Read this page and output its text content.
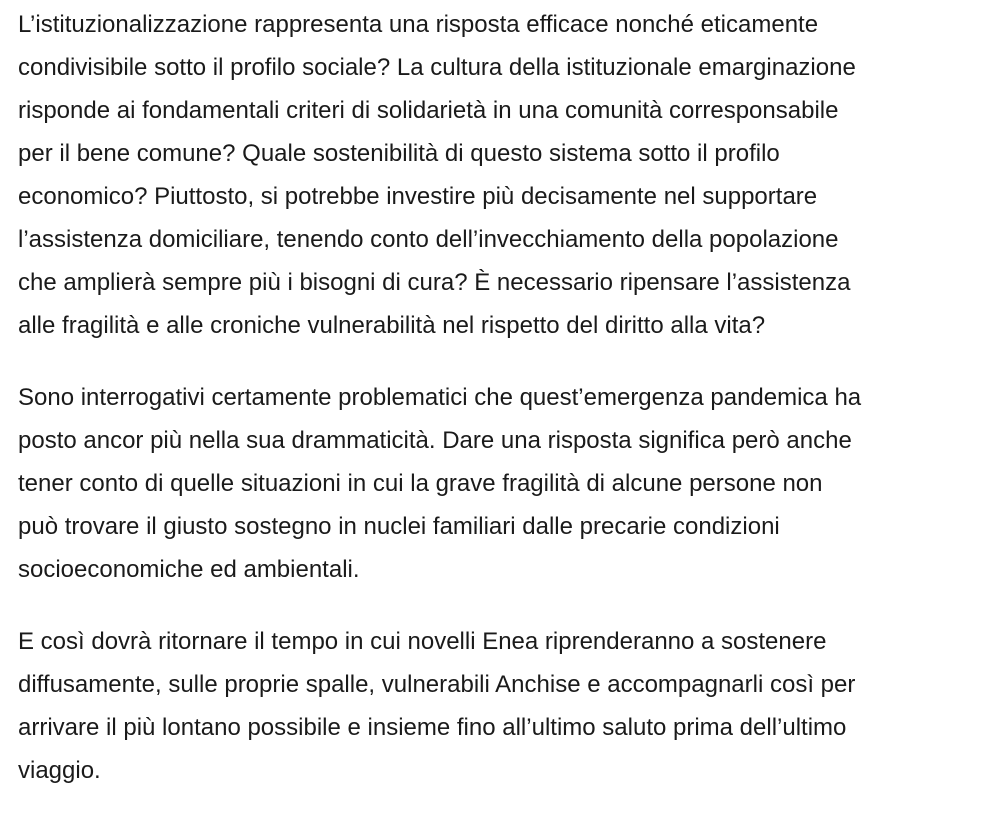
L’istituzionalizzazione rappresenta una risposta efficace nonché eticamente
condivisibile sotto il profilo sociale? La cultura della istituzionale emarginazione
risponde ai fondamentali criteri di solidarietà in una comunità corresponsabile
per il bene comune? Quale sostenibilità di questo sistema sotto il profilo
economico? Piuttosto, si potrebbe investire più decisamente nel supportare
l’assistenza domiciliare, tenendo conto dell’invecchiamento della popolazione
che amplierà sempre più i bisogni di cura? È necessario ripensare l’assistenza
alle fragilità e alle croniche vulnerabilità nel rispetto del diritto alla vita?

Sono interrogativi certamente problematici che quest’emergenza pandemica ha
posto ancor più nella sua drammaticità. Dare una risposta significa però anche
tener conto di quelle situazioni in cui la grave fragilità di alcune persone non
può trovare il giusto sostegno in nuclei familiari dalle precarie condizioni
socioeconomiche ed ambientali.

E così dovrà ritornare il tempo in cui novelli Enea riprenderanno a sostenere
diffusamente, sulle proprie spalle, vulnerabili Anchise e accompagnarli così per
arrivare il più lontano possibile e insieme fino all’ultimo saluto prima dell’ultimo
viaggio.
